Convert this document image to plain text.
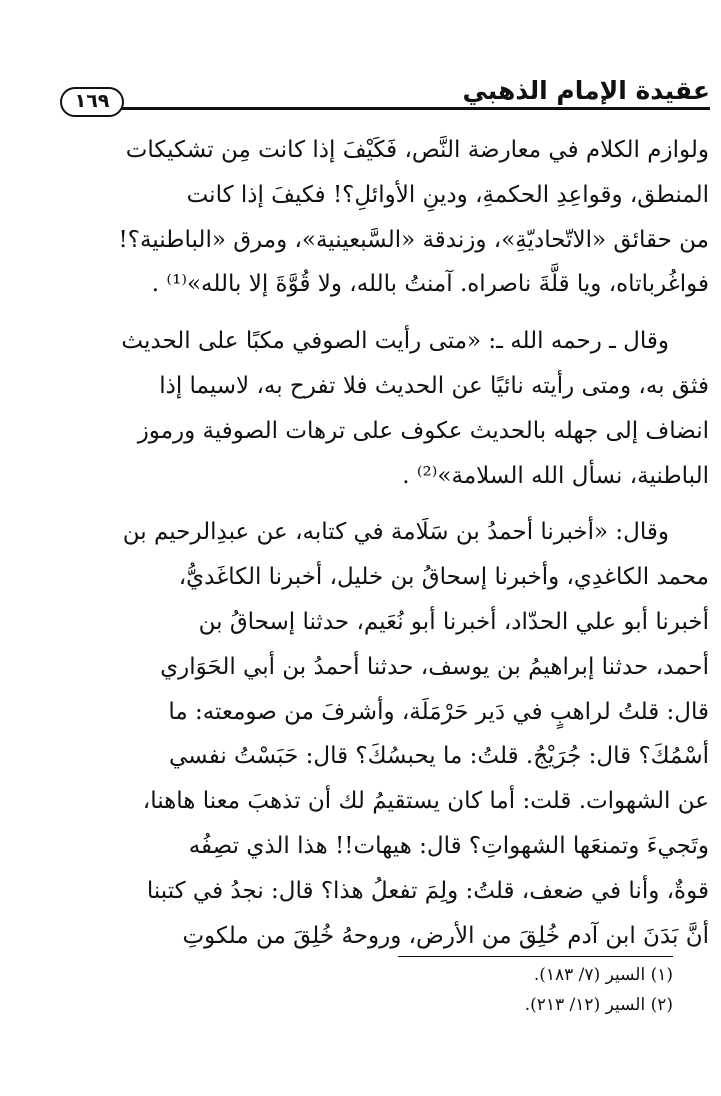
عقيدة الإمام الذهبي
١٦٩

ولوازم الكلام في معارضة النَّص، فَكَيْفَ إذا كانت مِن تشكيكات
المنطق، وقواعِدِ الحكمةِ، ودينِ الأوائلِ؟! فكيفَ إذا كانت
من حقائق «الاتّحاديّةِ»، وزندقة «السَّبعينية»، ومرق «الباطنية؟!
فواغُرباتاه، ويا قلَّةَ ناصراه. آمنتُ بالله، ولا قُوَّةَ إلا بالله»⁽¹⁾ .

وقال ـ رحمه الله ـ: «متى رأيت الصوفي مكبًا على الحديث
فثق به، ومتى رأيته نائيًا عن الحديث فلا تفرح به، لاسيما إذا
انضاف إلى جهله بالحديث عكوف على ترهات الصوفية ورموز
الباطنية، نسأل الله السلامة»⁽²⁾ .

وقال: «أخبرنا أحمدُ بن سَلَامة في كتابه، عن عبدِالرحيم بن
محمد الكاغدِي، وأخبرنا إسحاقُ بن خليل، أخبرنا الكاغَديُّ،
أخبرنا أبو علي الحدّاد، أخبرنا أبو نُعَيم، حدثنا إسحاقُ بن
أحمد، حدثنا إبراهيمُ بن يوسف، حدثنا أحمدُ بن أبي الحَوَاري
قال: قلتُ لراهبٍ في دَير حَرْمَلَة، وأشرفَ من صومعته: ما
أسْمُكَ؟ قال: جُرَيْجُ. قلتُ: ما يحبسُكَ؟ قال: حَبَسْتُ نفسي
عن الشهوات. قلت: أما كان يستقيمُ لك أن تذهبَ معنا هاهنا،
وتَجيءَ وتمنعَها الشهواتِ؟ قال: هيهات!! هذا الذي تصِفُه
قوةٌ، وأنا في ضعف، قلتُ: ولِمَ تفعلُ هذا؟ قال: نجدُ في كتبنا
أنَّ بَدَنَ ابن آدم خُلِقَ من الأرض، وروحهُ خُلِقَ من ملكوتِ

(١) السير (٧/ ١٨٣).
(٢) السير (١٢/ ٢١٣).
